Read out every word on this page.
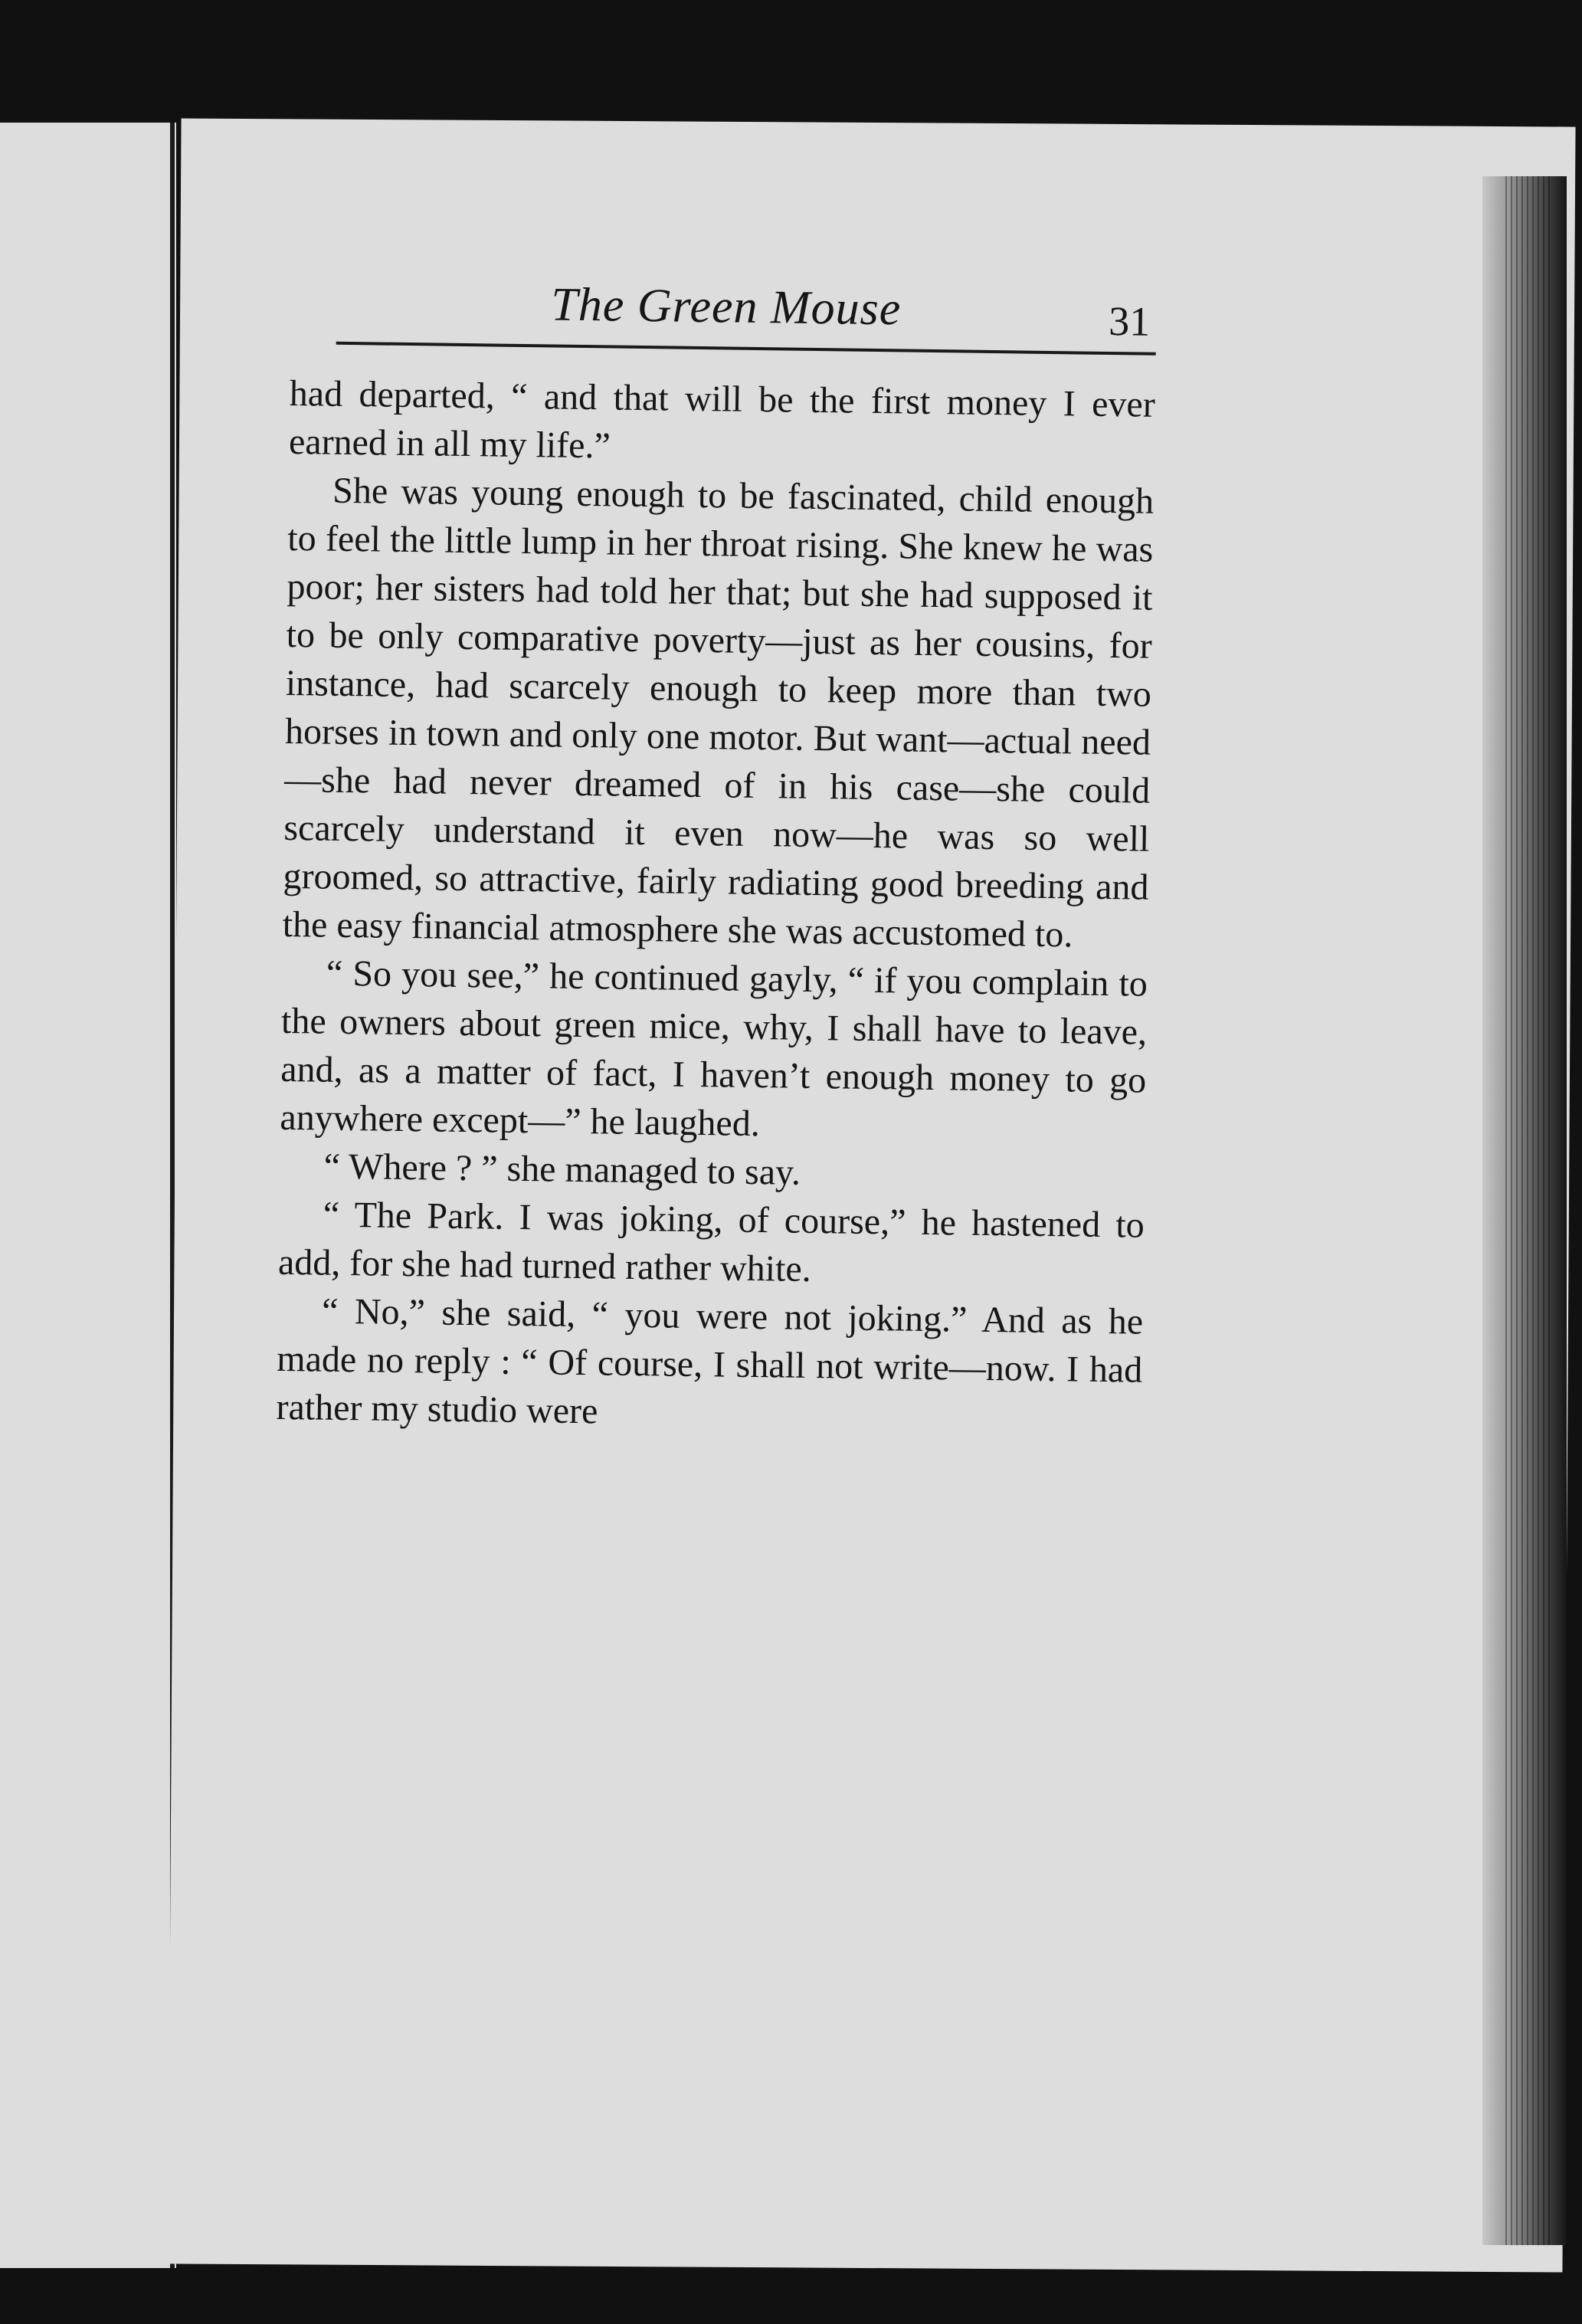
The Green Mouse	31

had departed, “ and that will be the first money I ever earned in all my life.”

She was young enough to be fascinated, child enough to feel the little lump in her throat rising. She knew he was poor; her sisters had told her that; but she had supposed it to be only comparative poverty—just as her cousins, for instance, had scarcely enough to keep more than two horses in town and only one motor. But want—actual need —she had never dreamed of in his case—she could scarcely understand it even now—he was so well groomed, so attractive, fairly radiating good breeding and the easy financial atmosphere she was accustomed to.

“ So you see,” he continued gayly, “ if you complain to the owners about green mice, why, I shall have to leave, and, as a matter of fact, I haven’t enough money to go anywhere except—” he laughed.

“ Where ? ” she managed to say.

“ The Park. I was joking, of course,” he hastened to add, for she had turned rather white.

“ No,” she said, “ you were not joking.” And as he made no reply : “ Of course, I shall not write—now. I had rather my studio were
